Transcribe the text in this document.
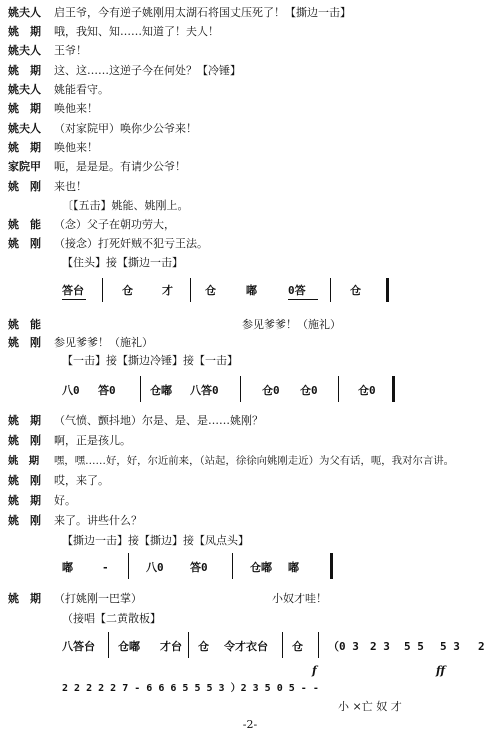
姚夫人 启王爷，今有逆子姚刚用太湖石将国丈压死了！【撕边一击】
姚　期 哦，我知、知……知道了！夫人！
姚夫人 王爷！
姚　期 这、这……这逆子今在何处？【冷锤】
姚夫人 姚能看守。
姚　期 唤他来！
姚夫人 （对家院甲）唤你少公爷来！
姚　期 唤他来！
家院甲 呃，是是是。有请少公爷！
姚　刚 来也！
〔【五击】姚能、姚刚上。
姚　能 （念）父子在朝功劳大，
姚　刚 （接念）打死奸贼不犯亏王法。
【住头】接【撕边一击】
答台	仓	才	仓	嘟	0答	仓
姚　能	参见爹爹！（施礼）
姚　刚 参见爹爹！（施礼）
【一击】接【撕边冷锤】接【一击】
八0 答0	仓嘟 八答0	仓0 仓0	仓0
姚　期 （气愤、颤抖地）尔是、是、是……姚刚？
姚　刚 啊，正是孩儿。
姚　期 嘿，嘿……好，好，尔近前来，（站起，徐徐向姚刚走近）为父有话，呃，我对尔言讲。
姚　刚 哎，来了。
姚　期 好。
姚　刚 来了。讲些什么？
【撕边一击】接【撕边】接【凤点头】
嘟	-	八0 答0	仓嘟 嘟
姚　期 （打姚刚一巴掌）	小奴才哇！
（接唱【二黄散板】
八答台 仓嘟 才台 仓 令才衣台 仓 （0 3 2 3 5 5 5 3 2
f	ff
2 2 2 2 2 7 - 6 6 6 5 5 5 3 ）2 3 5 0 5 - -
小 ×亡 奴 才
-2-
